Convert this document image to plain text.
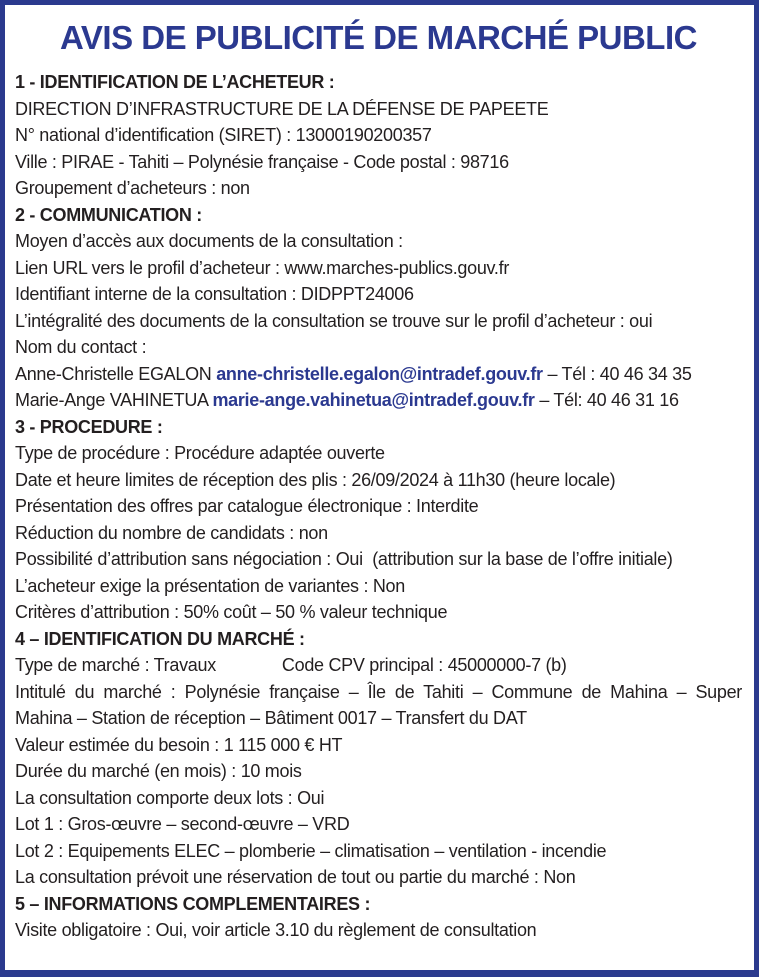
AVIS DE PUBLICITÉ DE MARCHÉ PUBLIC
1 - IDENTIFICATION DE L’ACHETEUR :
DIRECTION D’INFRASTRUCTURE DE LA DÉFENSE DE PAPEETE
N° national d’identification (SIRET) : 13000190200357
Ville : PIRAE - Tahiti – Polynésie française - Code postal : 98716
Groupement d’acheteurs : non
2 - COMMUNICATION :
Moyen d’accès aux documents de la consultation :
Lien URL vers le profil d’acheteur : www.marches-publics.gouv.fr
Identifiant interne de la consultation : DIDPPT24006
L’intégralité des documents de la consultation se trouve sur le profil d’acheteur : oui
Nom du contact :
Anne-Christelle EGALON anne-christelle.egalon@intradef.gouv.fr – Tél : 40 46 34 35
Marie-Ange VAHINETUA marie-ange.vahinetua@intradef.gouv.fr – Tél: 40 46 31 16
3 - PROCEDURE :
Type de procédure : Procédure adaptée ouverte
Date et heure limites de réception des plis : 26/09/2024 à 11h30 (heure locale)
Présentation des offres par catalogue électronique : Interdite
Réduction du nombre de candidats : non
Possibilité d’attribution sans négociation : Oui  (attribution sur la base de l’offre initiale)
L’acheteur exige la présentation de variantes : Non
Critères d’attribution : 50% coût – 50 % valeur technique
4 – IDENTIFICATION DU MARCHÉ :
Type de marché : Travaux	Code CPV principal : 45000000-7 (b)
Intitulé du marché : Polynésie française – Île de Tahiti – Commune de Mahina – Super
Mahina – Station de réception – Bâtiment 0017 – Transfert du DAT
Valeur estimée du besoin : 1 115 000 € HT
Durée du marché (en mois) : 10 mois
La consultation comporte deux lots : Oui
Lot 1 : Gros-œuvre – second-œuvre – VRD
Lot 2 : Equipements ELEC – plomberie – climatisation – ventilation - incendie
La consultation prévoit une réservation de tout ou partie du marché : Non
5 – INFORMATIONS COMPLEMENTAIRES :
Visite obligatoire : Oui, voir article 3.10 du règlement de consultation
